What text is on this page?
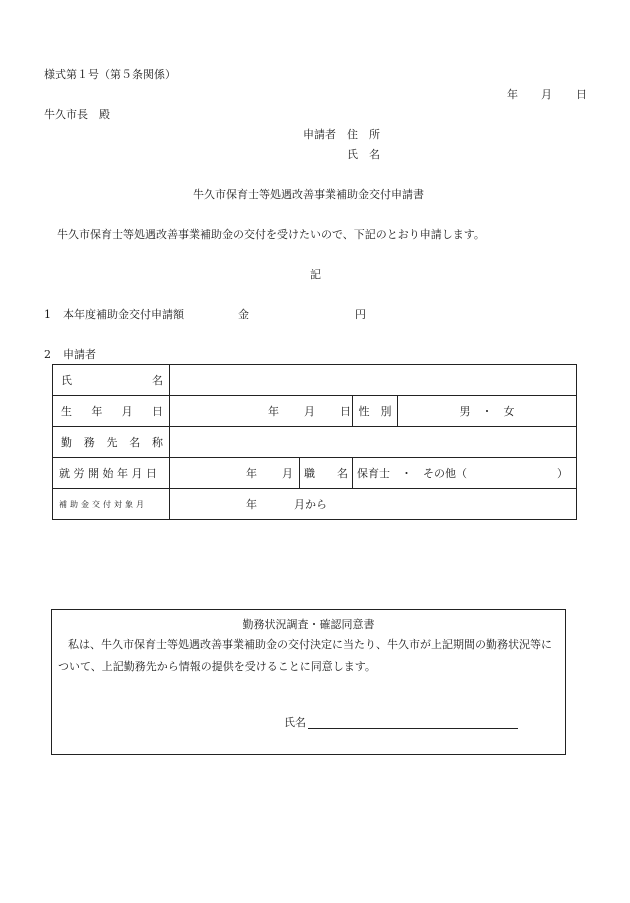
様式第１号（第５条関係）
年 月 日
牛久市長　殿
申請者 住　所
氏　名
牛久市保育士等処遇改善事業補助金交付申請書
牛久市保育士等処遇改善事業補助金の交付を受けたいので、下記のとおり申請します。
記
1 本年度補助金交付申請額	金	円
2 申請者
氏 名				

生 年 月 日	年 月 日		性　別	男　・　女

勤 務 先 名 称				

就 労 開 始 年 月 日	年 月	職　　名	保育士　・　その他（ ）	

補助金交付対象月	年 月から			
勤務状況調査・確認同意書
私は、牛久市保育士等処遇改善事業補助金の交付決定に当たり、牛久市が上記期間の勤務状況等について、上記勤務先から情報の提供を受けることに同意します。
氏名
